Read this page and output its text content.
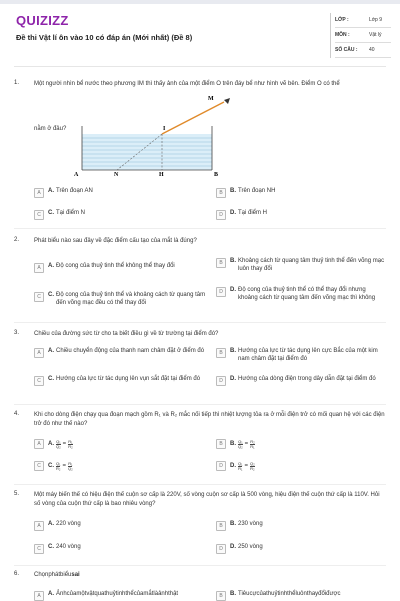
QUIZIZZ
Đề thi Vật lí ôn vào 10 có đáp án (Mới nhất) (Đề 8)
LỚP :	Lớp 9
MÔN :	Vật lý
SỐ CÂU :	40
1. Một người nhìn bể nước theo phương IM thì thấy ảnh của một điểm O trên đáy bể như hình vẽ bên. Điểm O có thể
nằm ở đâu?
M
I
A	N	H	B
A	A. Trên đoạn AN	B	B. Trên đoạn NH
C	C. Tại điểm N	D	D. Tại điểm H
2. Phát biểu nào sau đây về đặc điểm cấu tạo của mắt là đúng?
A	A. Độ cong của thuỷ tinh thể không thể thay đổi	B	B. Khoảng cách từ quang tâm thuỷ tinh thể đến võng mạc luôn thay đổi
C	C. Độ cong của thuỷ tinh thể và khoảng cách từ quang tâm đến võng mạc đều có thể thay đổi
D	D. Độ cong của thuỷ tinh thể có thể thay đổi nhưng khoảng cách từ quang tâm đến võng mạc thì không
3. Chiều của đường sức từ cho ta biết điều gì về từ trường tại điểm đó?
A	A. Chiều chuyển động của thanh nam châm đặt ở điểm đó	B	B. Hướng của lực từ tác dụng lên cực Bắc của một kim nam châm đặt tại điểm đó
C	C. Hướng của lực từ tác dụng lên vụn sắt đặt tại điểm đó	D	D. Hướng của dòng điện trong dây dẫn đặt tại điểm đó
4. Khi cho dòng điện chạy qua đoạn mạch gồm R₁ và R₂ mắc nối tiếp thì nhiệt lượng tỏa ra ở mỗi điện trở có mối quan hệ với các điện trở đó như thế nào?
A	A. $\frac{\text{Q₁}}{\text{Q₂}} = \frac{\text{R₁}}{\text{R₂}}$	B	B. $\frac{\text{Q₁}}{\text{Q₂}} = \frac{\text{R₂}}{\text{R₁}}$
C	C. $\frac{\text{Q₁}}{\text{R₂}} = \frac{\text{R₁}}{\text{Q₂}}$	D	D. $\frac{\text{Q₁}}{\text{R₁}} = \frac{\text{Q₂}}{\text{R₂}}$
5. Một máy biến thế có hiệu điện thế cuộn sơ cấp là 220V, số vòng cuộn sơ cấp là 500 vòng, hiệu điện thế cuộn thứ cấp là 110V. Hỏi số vòng của cuộn thứ cấp là bao nhiêu vòng?
A	A. 220 vòng	B	B. 230 vòng
C	C. 240 vòng	D	D. 250 vòng
6. Chọnphátbiểusai
A	A. Ảnhcủamộtvậtquathuỷtinhthểcủamắtlàảnhthật	B	B. Tiêucựcủathuỷtinhthểluônthayđổiđược
